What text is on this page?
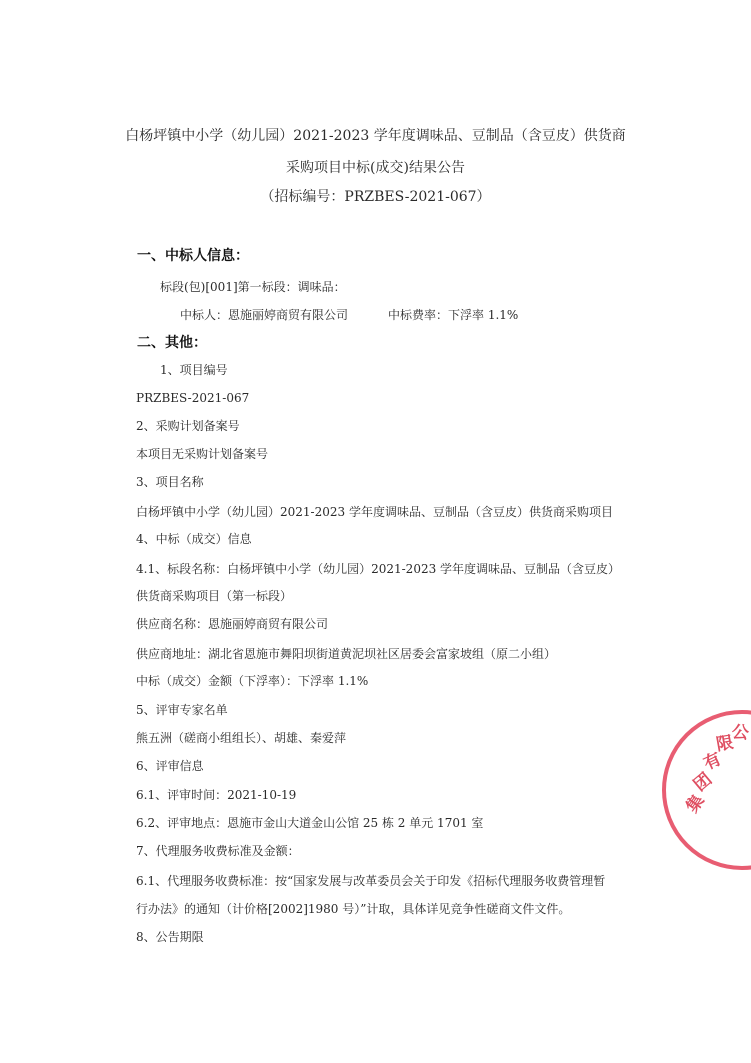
白杨坪镇中小学（幼儿园）2021-2023 学年度调味品、豆制品（含豆皮）供货商
采购项目中标(成交)结果公告
（招标编号：PRZBES-2021-067）
一、中标人信息：
标段(包)[001]第一标段：调味品：
中标人：恩施丽婷商贸有限公司	中标费率：下浮率 1.1%
二、其他：
1、项目编号
PRZBES-2021-067
2、采购计划备案号
本项目无采购计划备案号
3、项目名称
白杨坪镇中小学（幼儿园）2021-2023 学年度调味品、豆制品（含豆皮）供货商采购项目
4、中标（成交）信息
4.1、标段名称：白杨坪镇中小学（幼儿园）2021-2023 学年度调味品、豆制品（含豆皮）
供货商采购项目（第一标段）
供应商名称：恩施丽婷商贸有限公司
供应商地址：湖北省恩施市舞阳坝街道黄泥坝社区居委会富家坡组（原二小组）
中标（成交）金额（下浮率）：下浮率 1.1%
5、评审专家名单
熊五洲（磋商小组组长）、胡雄、秦爱萍
6、评审信息
6.1、评审时间：2021-10-19
6.2、评审地点：恩施市金山大道金山公馆 25 栋 2 单元 1701 室
7、代理服务收费标准及金额：
6.1、代理服务收费标准：按“国家发展与改革委员会关于印发《招标代理服务收费管理暂
行办法》的通知（计价格[2002]1980 号）”计取，具体详见竞争性磋商文件文件。
8、公告期限
集
团
有
限
公
